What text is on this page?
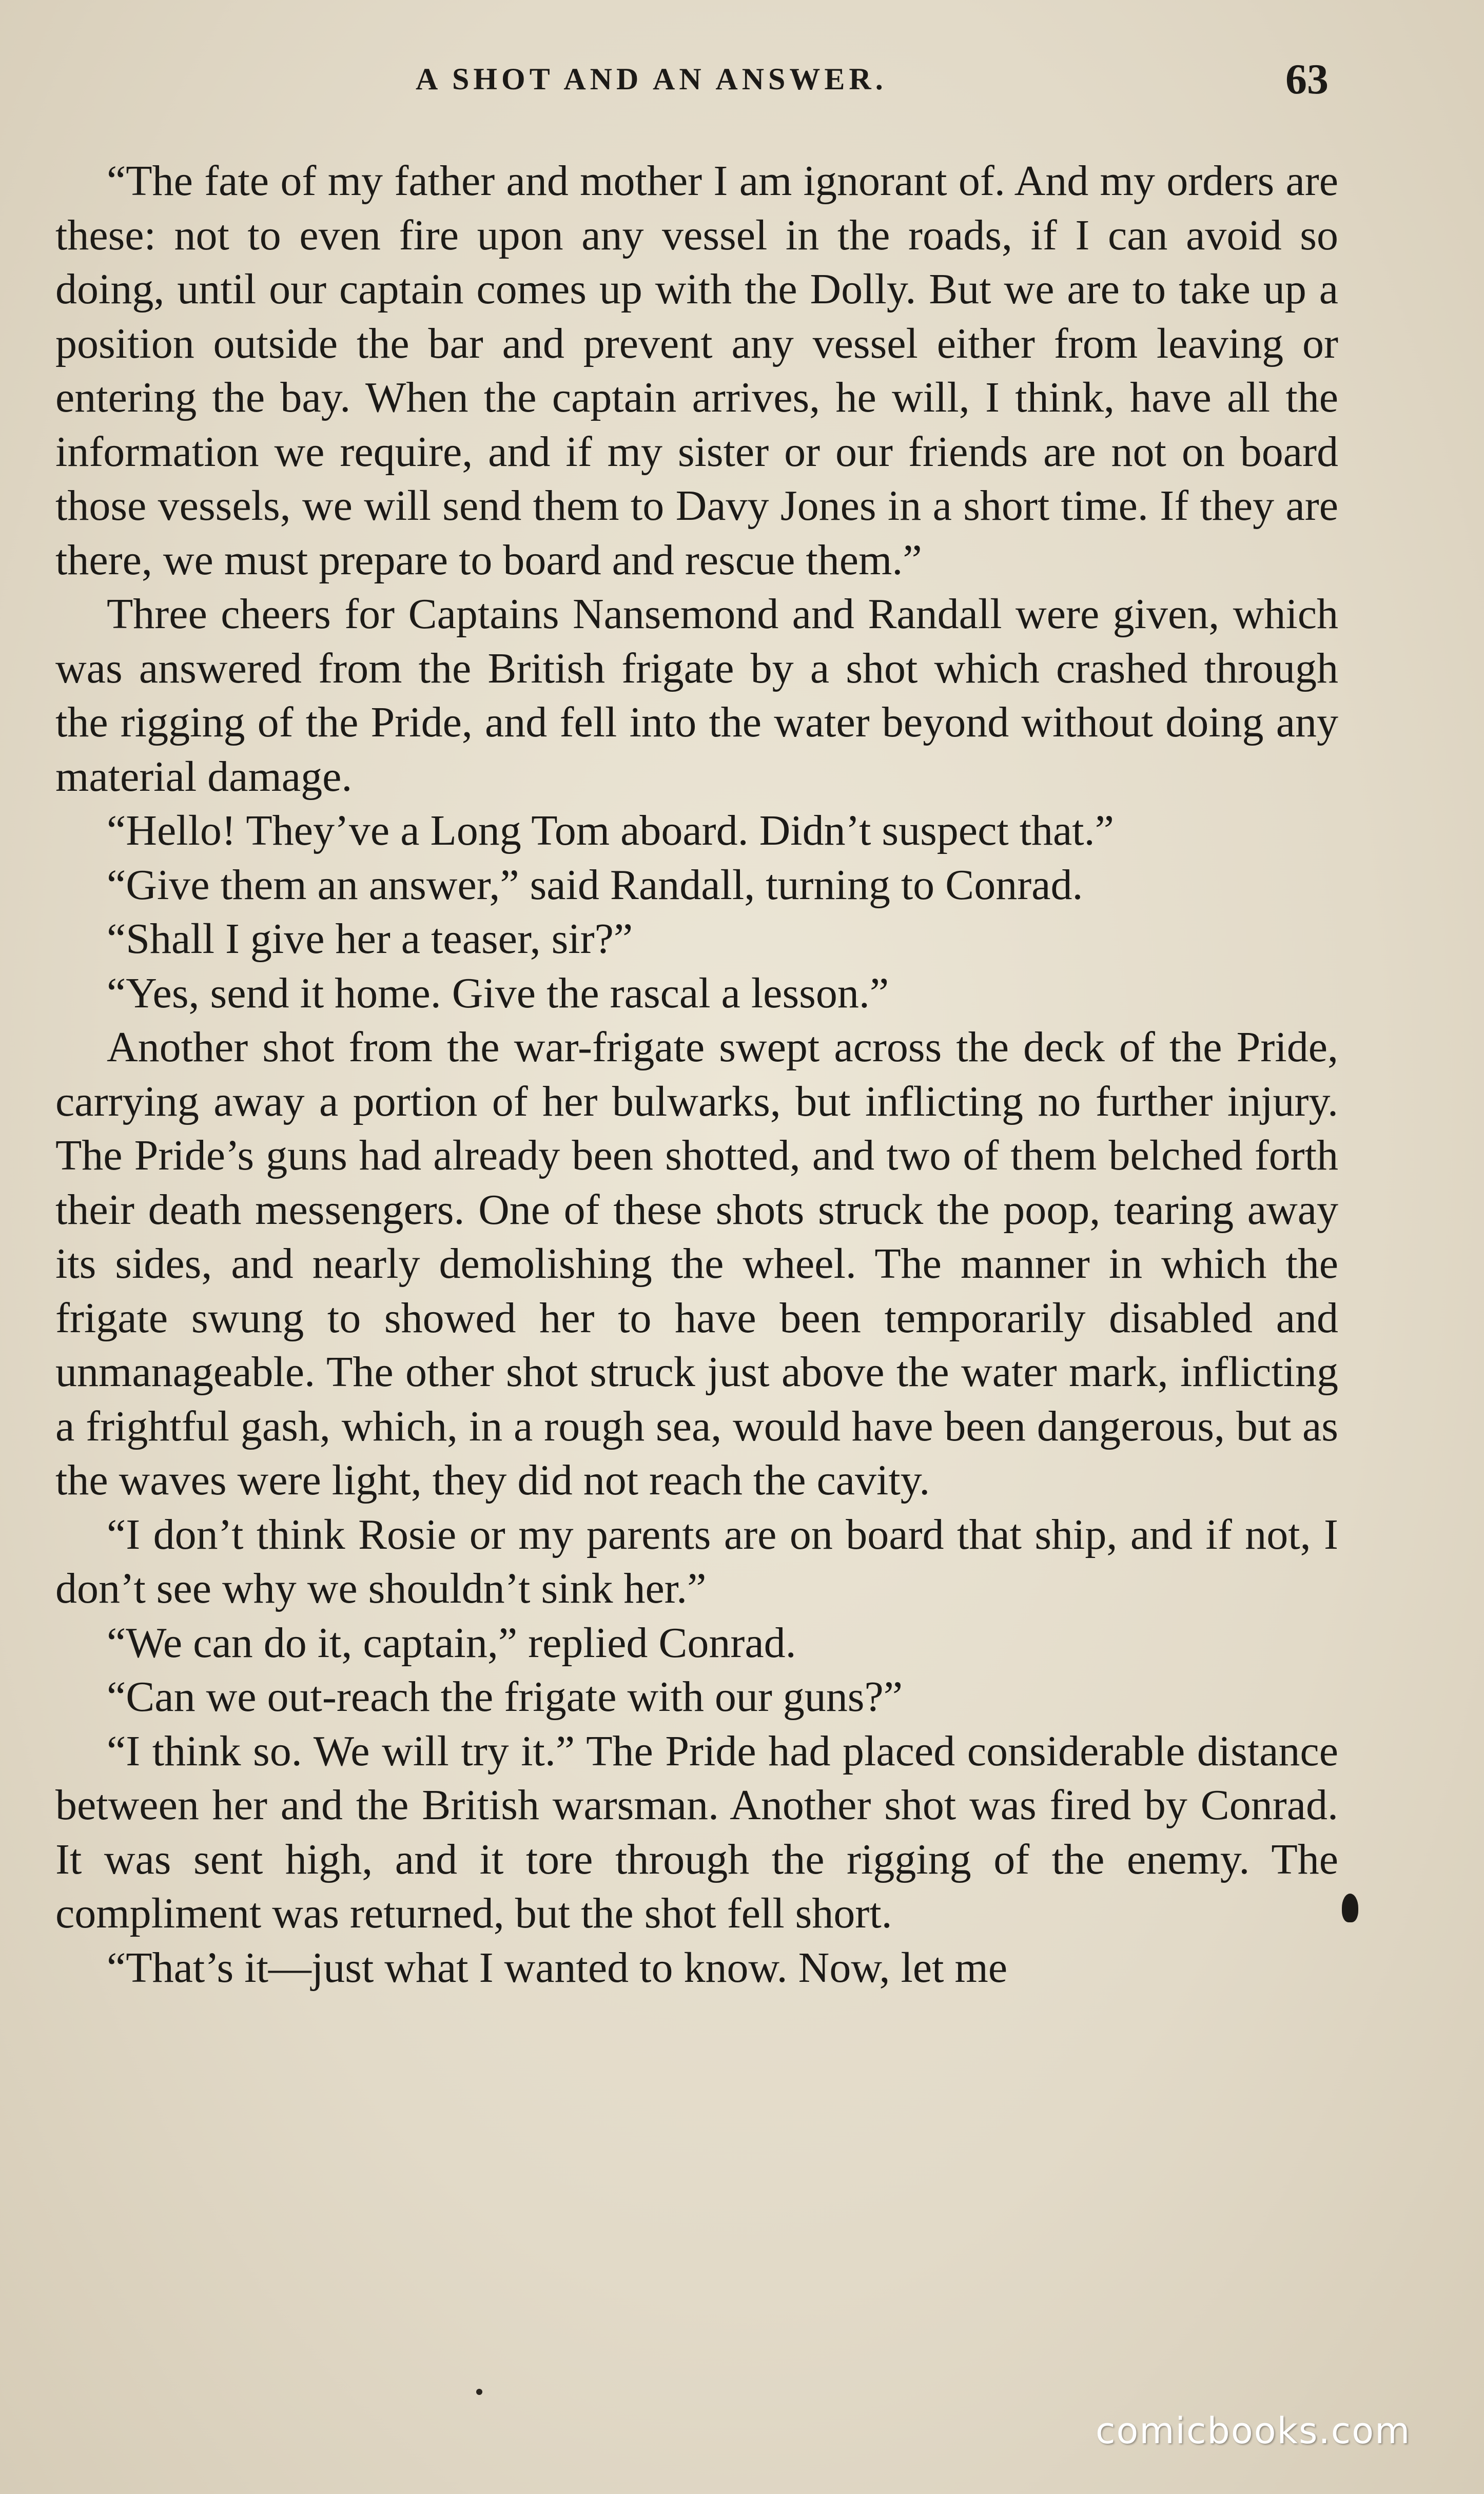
A SHOT AND AN ANSWER.	63

“The fate of my father and mother I am ignorant of. And my orders are these: not to even fire upon any vessel in the roads, if I can avoid so doing, until our captain comes up with the Dolly. But we are to take up a position outside the bar and prevent any vessel either from leaving or entering the bay. When the captain arrives, he will, I think, have all the information we require, and if my sister or our friends are not on board those vessels, we will send them to Davy Jones in a short time. If they are there, we must prepare to board and rescue them.”

Three cheers for Captains Nansemond and Randall were given, which was answered from the British frigate by a shot which crashed through the rigging of the Pride, and fell into the water beyond without doing any material damage.

“Hello! They’ve a Long Tom aboard. Didn’t suspect that.”

“Give them an answer,” said Randall, turning to Conrad.

“Shall I give her a teaser, sir?”

“Yes, send it home. Give the rascal a lesson.”

Another shot from the war-frigate swept across the deck of the Pride, carrying away a portion of her bulwarks, but inflicting no further injury. The Pride’s guns had already been shotted, and two of them belched forth their death messengers. One of these shots struck the poop, tearing away its sides, and nearly demolishing the wheel. The manner in which the frigate swung to showed her to have been temporarily disabled and unmanageable. The other shot struck just above the water mark, inflicting a frightful gash, which, in a rough sea, would have been dangerous, but as the waves were light, they did not reach the cavity.

“I don’t think Rosie or my parents are on board that ship, and if not, I don’t see why we shouldn’t sink her.”

“We can do it, captain,” replied Conrad.

“Can we out-reach the frigate with our guns?”

“I think so. We will try it.” The Pride had placed considerable distance between her and the British warsman. Another shot was fired by Conrad. It was sent high, and it tore through the rigging of the enemy. The compliment was returned, but the shot fell short.

“That’s it—just what I wanted to know. Now, let me

comicbooks.com
